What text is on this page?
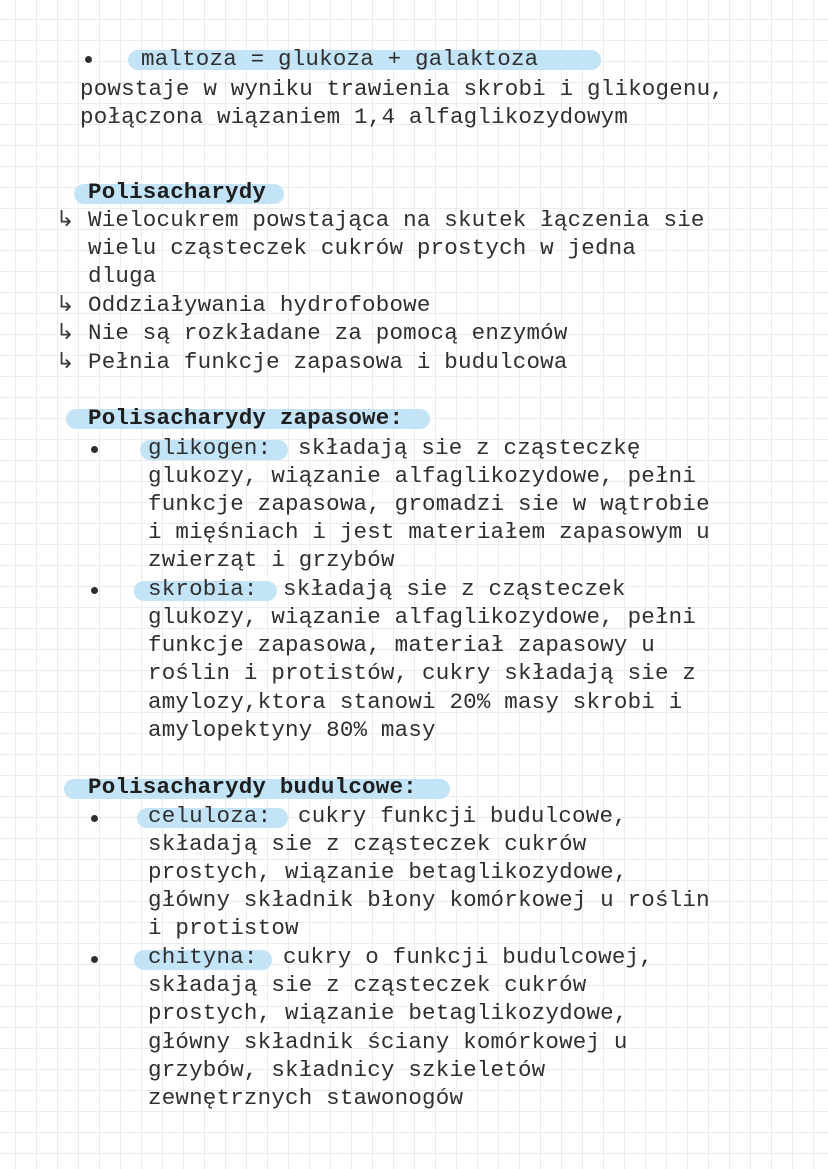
maltoza = glukoza + galaktoza
powstaje w wyniku trawienia skrobi i glikogenu,
połączona wiązaniem 1,4 alfaglikozydowym
Polisacharydy
↳ Wielocukrem powstająca na skutek łączenia sie
wielu cząsteczek cukrów prostych w jedna
dluga
↳ Oddziaływania hydrofobowe
↳ Nie są rozkładane za pomocą enzymów
↳ Pełnia funkcje zapasowa i budulcowa
Polisacharydy zapasowe:
glikogen: składają sie z cząsteczkę
glukozy, wiązanie alfaglikozydowe, pełni
funkcje zapasowa, gromadzi sie w wątrobie
i mięśniach i jest materiałem zapasowym u
zwierząt i grzybów
skrobia: składają sie z cząsteczek
glukozy, wiązanie alfaglikozydowe, pełni
funkcje zapasowa, materiał zapasowy u
roślin i protistów, cukry składają sie z
amylozy,ktora stanowi 20% masy skrobi i
amylopektyny 80% masy
Polisacharydy budulcowe:
celuloza: cukry funkcji budulcowe,
składają sie z cząsteczek cukrów
prostych, wiązanie betaglikozydowe,
główny składnik błony komórkowej u roślin
i protistow
chityna: cukry o funkcji budulcowej,
składają sie z cząsteczek cukrów
prostych, wiązanie betaglikozydowe,
główny składnik ściany komórkowej u
grzybów, składnicy szkieletów
zewnętrznych stawonogów
